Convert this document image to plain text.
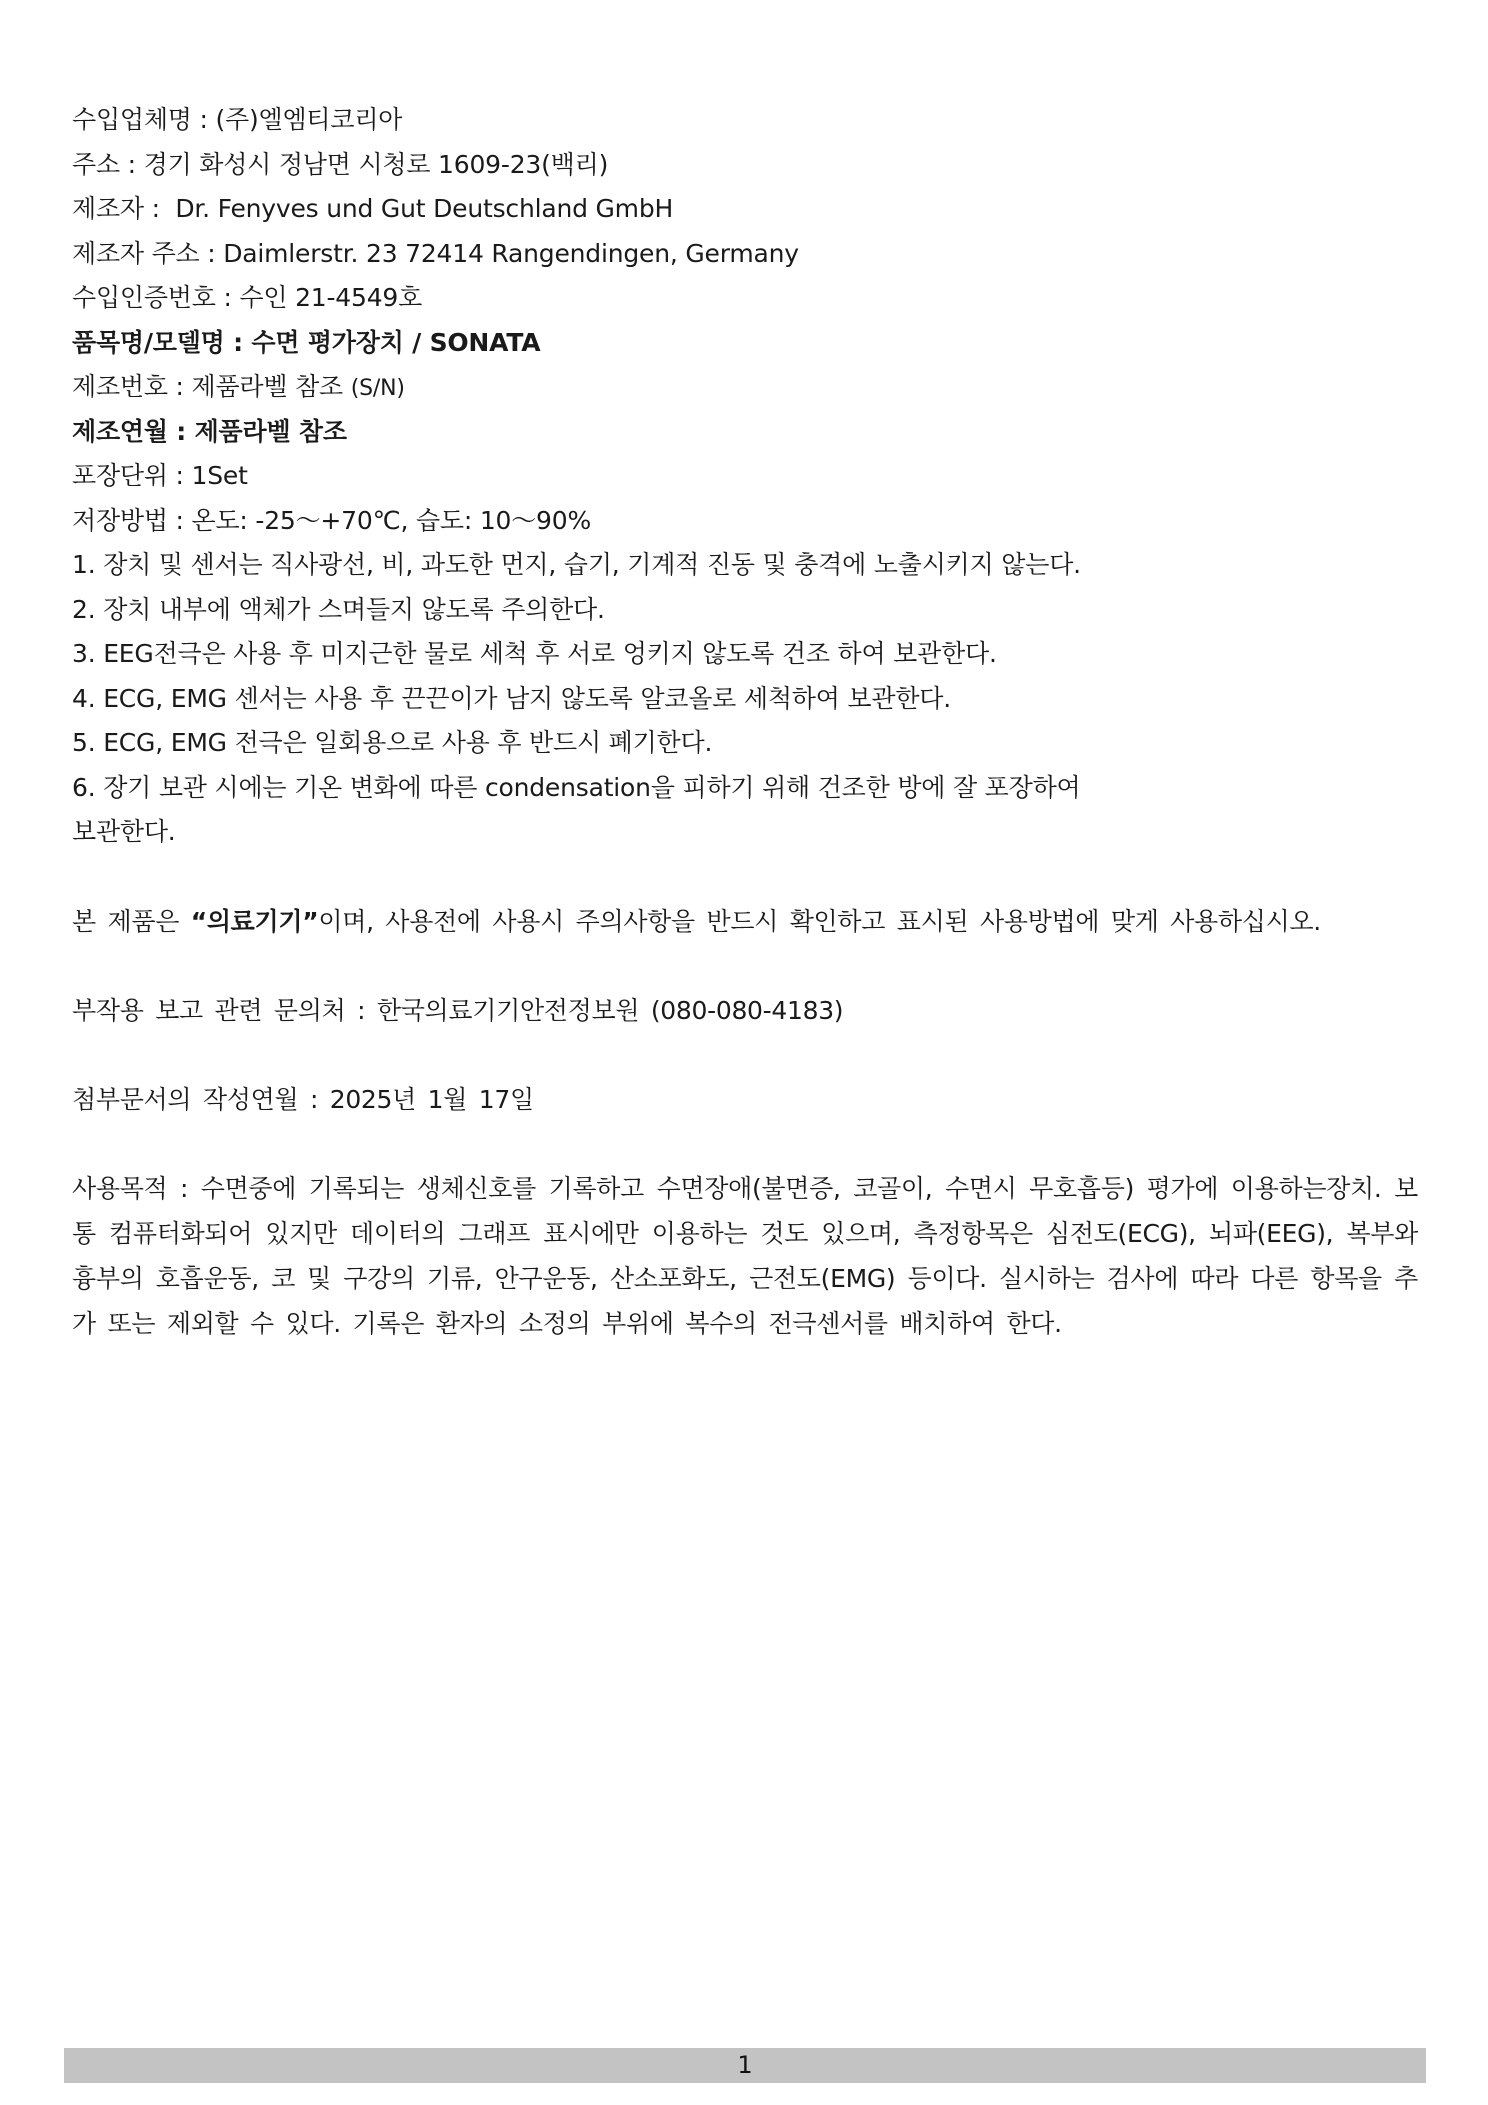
수입업체명 : (주)엘엠티코리아
주소 : 경기 화성시 정남면 시청로 1609-23(백리)
제조자 :  Dr. Fenyves und Gut Deutschland GmbH
제조자 주소 : Daimlerstr. 23 72414 Rangendingen, Germany
수입인증번호 : 수인 21-4549호
품목명/모델명 : 수면 평가장치 / SONATA
제조번호 : 제품라벨 참조 (S/N)
제조연월 : 제품라벨 참조
포장단위 : 1Set
저장방법 : 온도: -25～+70℃, 습도: 10～90%
1. 장치 및 센서는 직사광선, 비, 과도한 먼지, 습기, 기계적 진동 및 충격에 노출시키지 않는다.
2. 장치 내부에 액체가 스며들지 않도록 주의한다.
3. EEG전극은 사용 후 미지근한 물로 세척 후 서로 엉키지 않도록 건조 하여 보관한다.
4. ECG, EMG 센서는 사용 후 끈끈이가 남지 않도록 알코올로 세척하여 보관한다.
5. ECG, EMG 전극은 일회용으로 사용 후 반드시 폐기한다.
6. 장기 보관 시에는 기온 변화에 따른 condensation을 피하기 위해 건조한 방에 잘 포장하여
보관한다.
본 제품은 “의료기기”이며, 사용전에 사용시 주의사항을 반드시 확인하고 표시된 사용방법에 맞게 사용하십시오.
부작용 보고 관련 문의처 : 한국의료기기안전정보원 (080-080-4183)
첨부문서의 작성연월 : 2025년 1월 17일
사용목적 : 수면중에 기록되는 생체신호를 기록하고 수면장애(불면증, 코골이, 수면시 무호흡등) 평가에 이용하는장치. 보통 컴퓨터화되어 있지만 데이터의 그래프 표시에만 이용하는 것도 있으며, 측정항목은 심전도(ECG), 뇌파(EEG), 복부와 흉부의 호흡운동, 코 및 구강의 기류, 안구운동, 산소포화도, 근전도(EMG) 등이다. 실시하는 검사에 따라 다른 항목을 추가 또는 제외할 수 있다. 기록은 환자의 소정의 부위에 복수의 전극센서를 배치하여 한다.
1
